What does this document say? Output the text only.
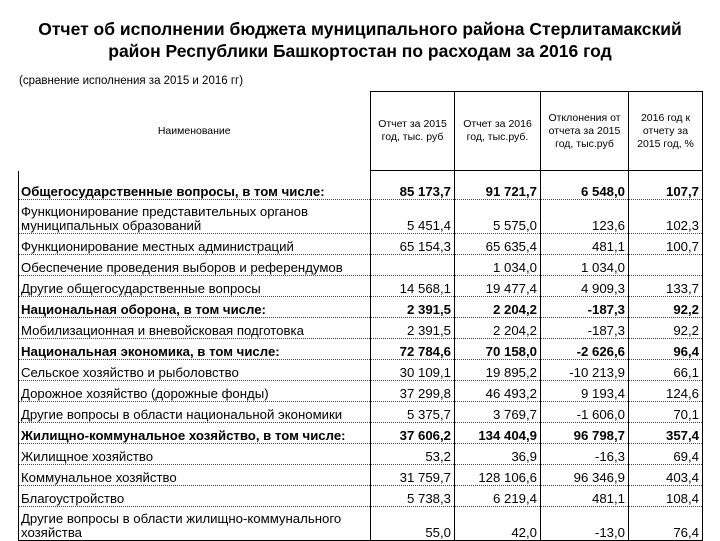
Отчет об исполнении бюджета муниципального района Стерлитамакский
район Республики Башкортостан по расходам за 2016 год
(сравнение исполнения за 2015 и 2016 гг)
Наименование	Отчет за 2015 год, тыс. руб	Отчет за 2016 год, тыс.руб.	Отклонения от отчета за 2015 год, тыс.руб	2016 год к отчету за 2015 год, %

Общегосударственные вопросы, в том числе:	85 173,7	91 721,7	6 548,0	107,7
Функционирование представительных органов муниципальных образований	5 451,4	5 575,0	123,6	102,3
Функционирование местных администраций	65 154,3	65 635,4	481,1	100,7
Обеспечение проведения выборов и референдумов		1 034,0	1 034,0	
Другие общегосударственные вопросы	14 568,1	19 477,4	4 909,3	133,7
Национальная оборона, в том числе:	2 391,5	2 204,2	-187,3	92,2
Мобилизационная и вневойсковая подготовка	2 391,5	2 204,2	-187,3	92,2
Национальная экономика, в том числе:	72 784,6	70 158,0	-2 626,6	96,4
Сельское хозяйство и рыболовство	30 109,1	19 895,2	-10 213,9	66,1
Дорожное хозяйство (дорожные фонды)	37 299,8	46 493,2	9 193,4	124,6
Другие вопросы в области национальной экономики	5 375,7	3 769,7	-1 606,0	70,1
Жилищно-коммунальное хозяйство, в том числе:	37 606,2	134 404,9	96 798,7	357,4
Жилищное хозяйство	53,2	36,9	-16,3	69,4
Коммунальное хозяйство	31 759,7	128 106,6	96 346,9	403,4
Благоустройство	5 738,3	6 219,4	481,1	108,4
Другие вопросы в области жилищно-коммунального хозяйства	55,0	42,0	-13,0	76,4
